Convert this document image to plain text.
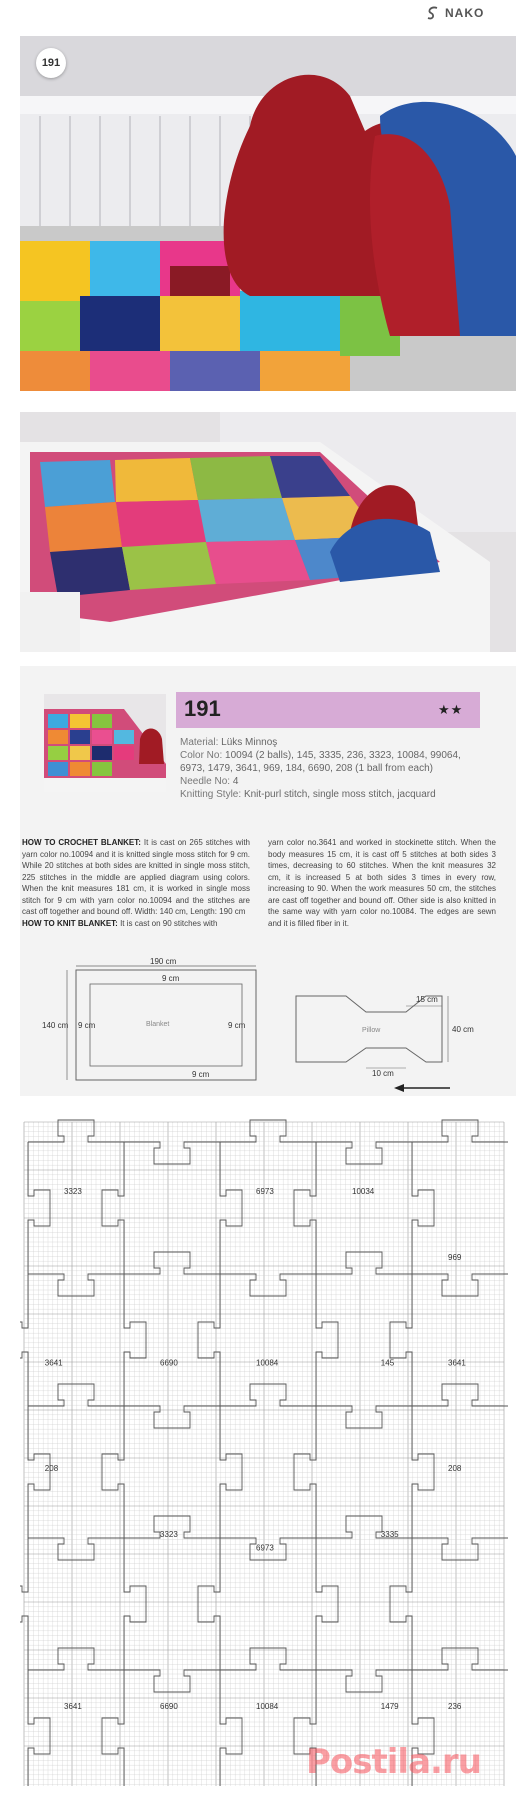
NAKO
191
191	★★
Material: Lüks Minnoş
Color No: 10094 (2 balls), 145, 3335, 236, 3323, 10084, 99064,
6973, 1479, 3641, 969, 184, 6690, 208 (1 ball from each)
Needle No: 4
Knitting Style: Knit-purl stitch, single moss stitch, jacquard
HOW TO CROCHET BLANKET: It is cast on 265 stitches with yarn color no.10094 and it is knitted single moss stitch for 9 cm. While 20 stitches at both sides are knitted in single moss stitch, 225 stitches in the middle are applied diagram using colors. When the knit measures 181 cm, it is worked in single moss stitch for 9 cm with yarn color no.10094 and the stitches are cast off together and bound off. Width: 140 cm, Length: 190 cm
HOW TO KNIT BLANKET: It is cast on 90 stitches with
yarn color no.3641 and worked in stockinette stitch. When the body measures 15 cm, it is cast off 5 stitches at both sides 3 times, decreasing to 60 stitches. When the knit measures 32 cm, it is increased 5 at both sides 3 times in every row, increasing to 90. When the work measures 50 cm, the stitches are cast off together and bound off. Other side is also knitted in the same way with yarn color no.10084. The edges are sewn and it is filled fiber in it.
190 cm
140 cm
9 cm
9 cm	9 cm
9 cm
Blanket
15 cm
40 cm
10 cm
Pillow
3323	6973	10034
969
3641	6690	10084	145	3641
208	208
3323
6973
3335
3641	6690	10084	1479	236
Postila.ru
